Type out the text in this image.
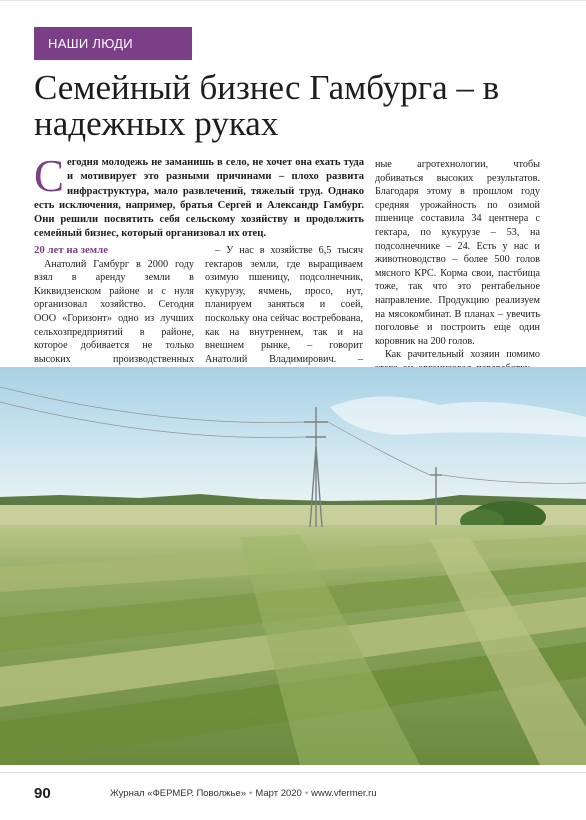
НАШИ ЛЮДИ
Семейный бизнес Гамбурга – в надежных руках

Сегодня молодежь не заманишь в село, не хочет она ехать туда и мотивирует это разными причинами – плохо развита инфраструктура, мало развлечений, тяжелый труд. Однако есть исключения, например, братья Сергей и Александр Гамбург. Они решили посвятить себя сельскому хозяйству и продолжить семейный бизнес, который организовал их отец.

20 лет на земле

Анатолий Гамбург в 2000 году взял в аренду земли в Киквидзенском районе и с нуля организовал хозяйство. Сегодня ООО «Горизонт» одно из лучших сельхозпредприятий в районе, которое добивается не только высоких производственных

– У нас в хозяйстве 6,5 тысяч гектаров земли, где выращиваем озимую пшеницу, подсолнечник, кукурузу, ячмень, просо, нут, планируем заняться и соей, поскольку она сейчас востребована, как на внутреннем, так и на внешнем рынке, – говорит Анатолий Владимирович. –

ные агротехнологии, чтобы добиваться высоких результатов. Благодаря этому в прошлом году средняя урожайность по озимой пшенице составила 34 центнера с гектара, по кукурузе – 53, на подсолнечнике – 24. Есть у нас и животноводство – более 500 голов мясного КРС. Корма свои, пастбища тоже, так что это рентабельное направление. Продукцию реализуем на мясокомбинат. В планах – увечить поголовье и построить еще один коровник на 200 голов.

Как рачительный хозяин помимо

90	Журнал «ФЕРМЕР. Поволжье» • Март 2020 • www.vfermer.ru
